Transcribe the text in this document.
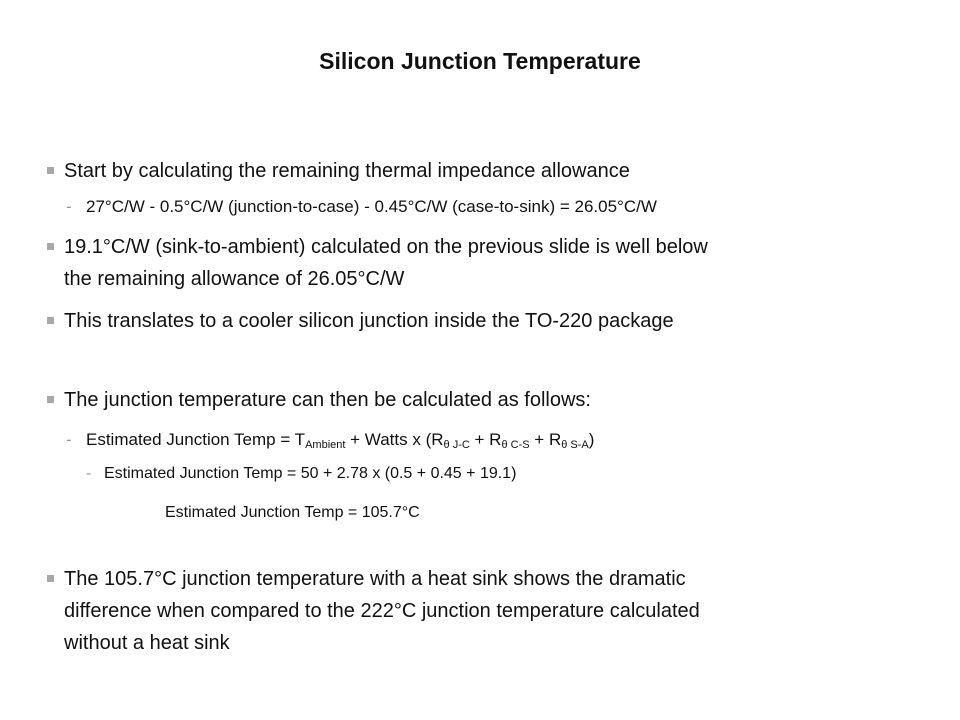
Silicon Junction Temperature
Start by calculating the remaining thermal impedance allowance
- 27°C/W - 0.5°C/W (junction-to-case) - 0.45°C/W (case-to-sink) = 26.05°C/W
19.1°C/W (sink-to-ambient) calculated on the previous slide is well below
the remaining allowance of 26.05°C/W
This translates to a cooler silicon junction inside the TO-220 package
The junction temperature can then be calculated as follows:
- Estimated Junction Temp = $T_{Ambient}$ + Watts x $(R_{\theta J-C} + R_{\theta C-S} + R_{\theta S-A})$
- Estimated Junction Temp = 50 + 2.78 x (0.5 + 0.45 + 19.1)
Estimated Junction Temp = 105.7°C
The 105.7°C junction temperature with a heat sink shows the dramatic
difference when compared to the 222°C junction temperature calculated
without a heat sink
